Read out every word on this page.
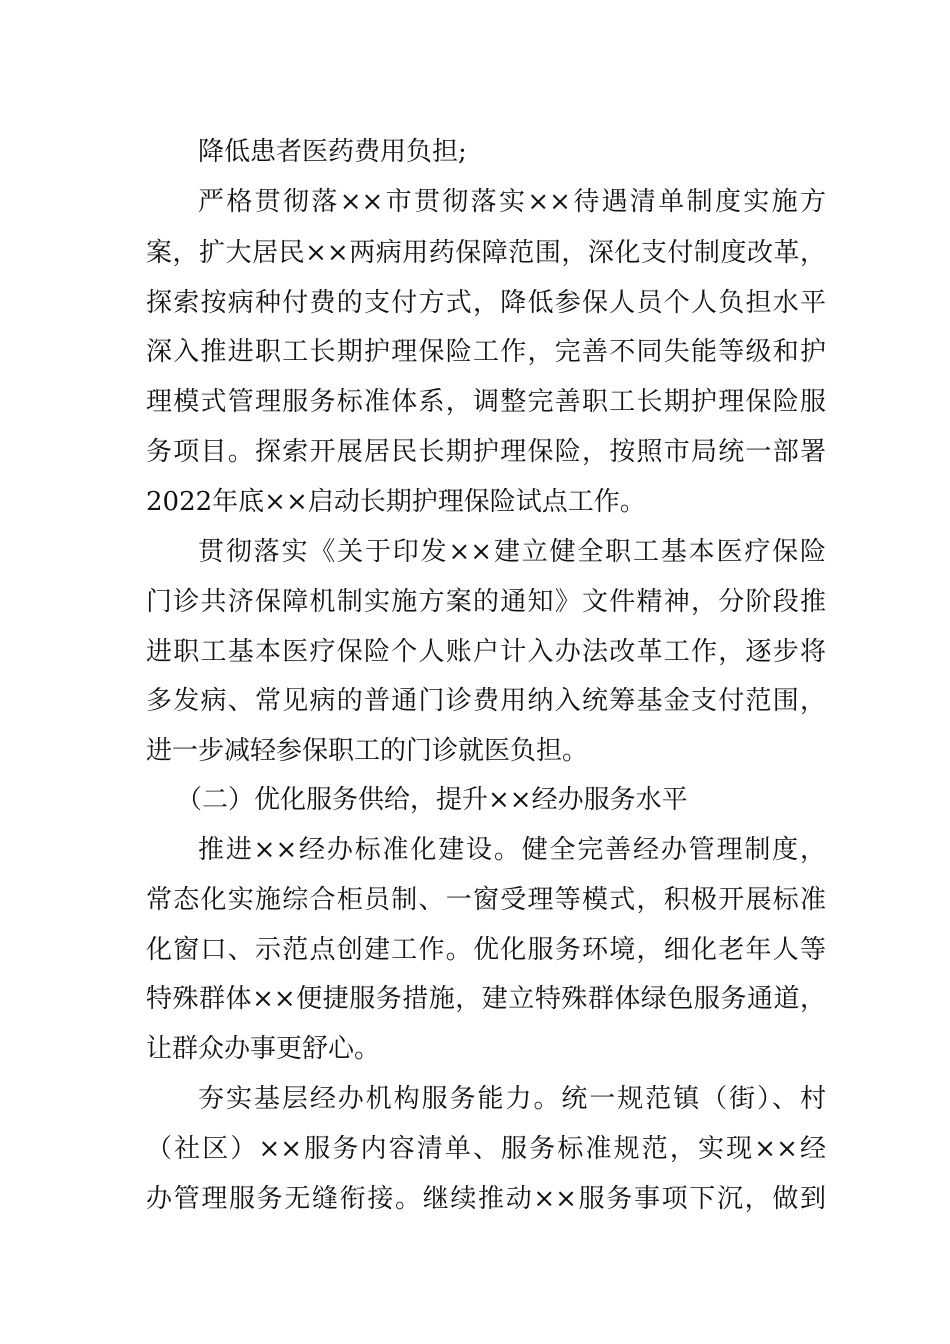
降低患者医药费用负担;
严格贯彻落××市贯彻落实××待遇清单制度实施方
案，扩大居民××两病用药保障范围，深化支付制度改革，
探索按病种付费的支付方式，降低参保人员个人负担水平
深入推进职工长期护理保险工作，完善不同失能等级和护
理模式管理服务标准体系，调整完善职工长期护理保险服
务项目。探索开展居民长期护理保险，按照市局统一部署
2022年底××启动长期护理保险试点工作。
贯彻落实《关于印发××建立健全职工基本医疗保险
门诊共济保障机制实施方案的通知》文件精神，分阶段推
进职工基本医疗保险个人账户计入办法改革工作，逐步将
多发病、常见病的普通门诊费用纳入统筹基金支付范围，
进一步减轻参保职工的门诊就医负担。
（二）优化服务供给，提升××经办服务水平
推进××经办标准化建设。健全完善经办管理制度，
常态化实施综合柜员制、一窗受理等模式，积极开展标准
化窗口、示范点创建工作。优化服务环境，细化老年人等
特殊群体××便捷服务措施，建立特殊群体绿色服务通道，
让群众办事更舒心。
夯实基层经办机构服务能力。统一规范镇（街）、村
（社区）××服务内容清单、服务标准规范，实现××经
办管理服务无缝衔接。继续推动××服务事项下沉，做到
